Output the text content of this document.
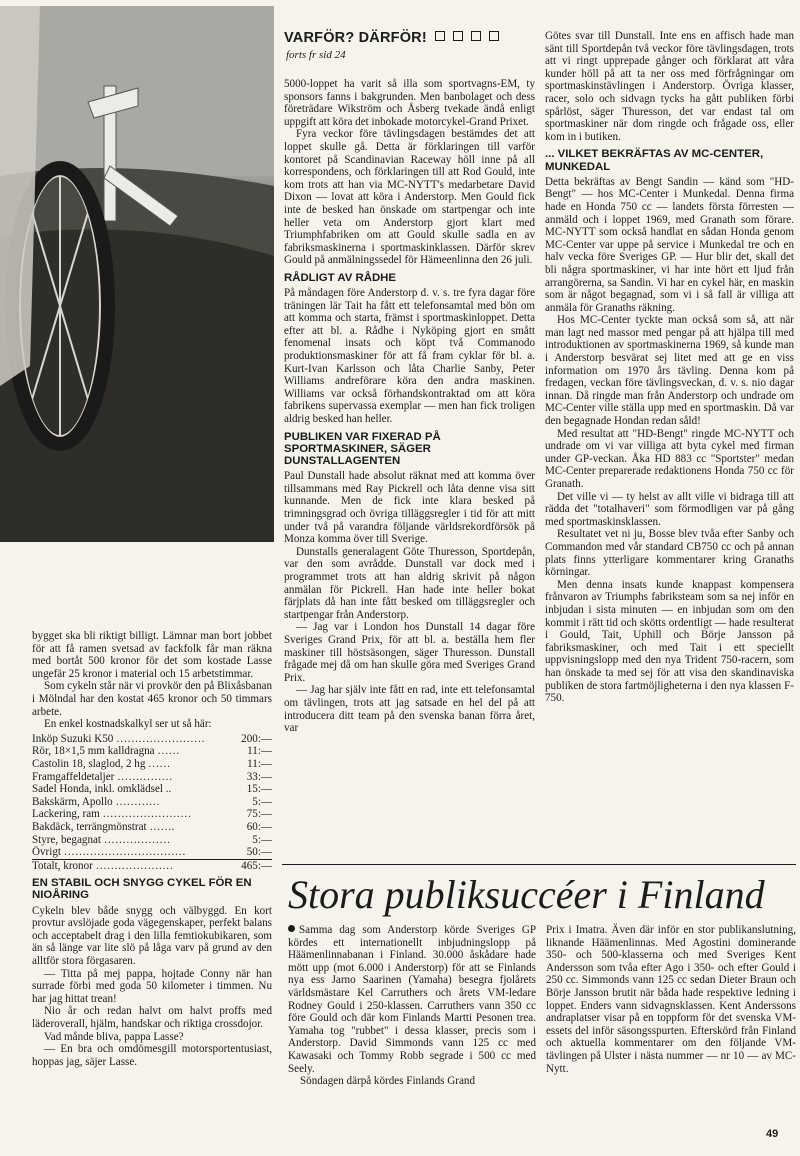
VARFÖR? DÄRFÖR!
forts fr sid 24

bygget ska bli riktigt billigt. Lämnar man bort jobbet för att få ramen svetsad av fackfolk får man räkna med bortåt 500 kronor för det som kostade Lasse ungefär 25 kronor i material och 15 arbetstimmar.

Som cykeln står när vi provkör den på Blixåsbanan i Mölndal har den kostat 465 kronor och 50 timmars arbete.

En enkel kostnadskalkyl ser ut så här:

Inköp Suzuki K50 ……………………	200:—
Rör, 18×1,5 mm kalldragna ……	11:—
Castolin 18, slaglod, 2 hg ……	11:—
Framgaffeldetaljer ……………	33:—
Sadel Honda, inkl. omklädsel ..	15:—
Bakskärm, Apollo …………	5:—
Lackering, ram ……………………	75:—
Bakdäck, terrängmönstrat …….	60:—
Styre, begagnat ………………	5:—
Övrigt ……………………………	50:—
Totalt, kronor …………………	465:—
EN STABIL OCH SNYGG CYKEL FÖR EN NIOÅRING

Cykeln blev både snygg och välbyggd. En kort provtur avslöjade goda vägegenskaper, perfekt balans och acceptabelt drag i den lilla femtiokubikaren, som än så länge var lite slö på låga varv på grund av den alltför stora förgasaren.

— Titta på mej pappa, hojtade Conny när han surrade förbi med goda 50 kilometer i timmen. Nu har jag hittat trean!

Nio år och redan halvt om halvt proffs med läderoverall, hjälm, handskar och riktiga crossdojor.

Vad månde bliva, pappa Lasse?

— En bra och omdömesgill motorsportentusiast, hoppas jag, säjer Lasse.

5000-loppet ha varit så illa som sportvagns-EM, ty sponsors fanns i bakgrunden. Men banbolaget och dess företrädare Wikström och Åsberg tvekade ändå enligt uppgift att köra det inbokade motorcykel-Grand Prixet.

Fyra veckor före tävlingsdagen bestämdes det att loppet skulle gå. Detta är förklaringen till varför kontoret på Scandinavian Raceway höll inne på all korrespondens, och förklaringen till att Rod Gould, inte kom trots att han via MC-NYTT's medarbetare David Dixon — lovat att köra i Anderstorp. Men Gould fick inte de besked han önskade om startpengar och inte heller veta om Anderstorp gjort klart med Triumphfabriken om att Gould skulle sadla en av fabriksmaskinerna i sportmaskinklassen. Därför skrev Gould på anmälningssedel för Hämeenlinna den 26 juli.

RÅDLIGT AV RÅDHE

På måndagen före Anderstorp d. v. s. tre fyra dagar före träningen lär Tait ha fått ett telefonsamtal med bön om att komma och starta, främst i sportmaskinloppet. Detta efter att bl. a. Rådhe i Nyköping gjort en smått fenomenal insats och köpt två Commanodo produktionsmaskiner för att få fram cyklar för bl. a. Kurt-Ivan Karlsson och låta Charlie Sanby, Peter Williams andreförare köra den andra maskinen. Williams var också förhandskontraktad om att köra fabrikens supervassa exemplar — men han fick troligen aldrig besked han heller.

PUBLIKEN VAR FIXERAD PÅ SPORTMASKINER, SÄGER DUNSTALLAGENTEN

Paul Dunstall hade absolut räknat med att komma över tillsammans med Ray Pickrell och låta denne visa sitt kunnande. Men de fick inte klara besked på trimningsgrad och övriga tilläggsregler i tid för att mitt under två på varandra följande världsrekordförsök på Monza komma över till Sverige.

Dunstalls generalagent Göte Thuresson, Sportdepån, var den som avrådde. Dunstall var dock med i programmet trots att han aldrig skrivit på någon anmälan för Pickrell. Han hade inte heller bokat färjplats då han inte fått besked om tilläggsregler och startpengar från Anderstorp.

— Jag var i London hos Dunstall 14 dagar före Sveriges Grand Prix, för att bl. a. beställa hem fler maskiner till höstsäsongen, säger Thuresson. Dunstall frågade mej då om han skulle göra med Sveriges Grand Prix.

— Jag har själv inte fått en rad, inte ett telefonsamtal om tävlingen, trots att jag satsade en hel del på att introducera ditt team på den svenska banan förra året, var

Götes svar till Dunstall. Inte ens en affisch hade man sänt till Sportdepån två veckor före tävlingsdagen, trots att vi ringt upprepade gånger och förklarat att våra kunder höll på att ta ner oss med förfrågningar om sportmaskinstävlingen i Anderstorp. Övriga klasser, racer, solo och sidvagn tycks ha gått publiken förbi spårlöst, säger Thuresson, det var endast tal om sportmaskiner när dom ringde och frågade oss, eller kom in i butiken.

... VILKET BEKRÄFTAS AV MC-CENTER, MUNKEDAL

Detta bekräftas av Bengt Sandin — känd som "HD-Bengt" — hos MC-Center i Munkedal. Denna firma hade en Honda 750 cc — landets första förresten — anmäld och i loppet 1969, med Granath som förare. MC-NYTT som också handlat en sådan Honda genom MC-Center var uppe på service i Munkedal tre och en halv vecka före Sveriges GP. — Hur blir det, skall det bli några sportmaskiner, vi har inte hört ett ljud från arrangörerna, sa Sandin. Vi har en cykel här, en maskin som är något begagnad, som vi i så fall är villiga att anmäla för Granaths räkning.

Hos MC-Center tyckte man också som så, att när man lagt ned massor med pengar på att hjälpa till med introduktionen av sportmaskinerna 1969, så kunde man i Anderstorp besvärat sej litet med att ge en viss information om 1970 års tävling. Denna kom på fredagen, veckan före tävlingsveckan, d. v. s. nio dagar innan. Då ringde man från Anderstorp och undrade om MC-Center ville ställa upp med en sportmaskin. Då var den begagnade Hondan redan såld!

Med resultat att "HD-Bengt" ringde MC-NYTT och undrade om vi var villiga att byta cykel med firman under GP-veckan. Åka HD 883 cc "Sportster" medan MC-Center preparerade redaktionens Honda 750 cc för Granath.

Det ville vi — ty helst av allt ville vi bidraga till att rädda det "totalhaveri" som förmodligen var på gång med sportmaskinsklassen.

Resultatet vet ni ju, Bosse blev tvåa efter Sanby och Commandon med vår standard CB750 cc och på annan plats finns ytterligare kommentarer kring Granaths körningar.

Men denna insats kunde knappast kompensera frånvaron av Triumphs fabriksteam som sa nej inför en inbjudan i sista minuten — en inbjudan som om den kommit i rätt tid och skötts ordentligt — hade resulterat i Gould, Tait, Uphill och Börje Jansson på fabriksmaskiner, och med Tait i ett speciellt uppvisningslopp med den nya Trident 750-racern, som han önskade ta med sej för att visa den skandinaviska publiken de stora fartmöjligheterna i den nya klassen F-750.

Stora publiksuccéer i Finland

Samma dag som Anderstorp körde Sveriges GP kördes ett internationellt inbjudningslopp på Häämenlinnabanan i Finland. 30.000 åskådare hade mött upp (mot 6.000 i Anderstorp) för att se Finlands nya ess Jarno Saarinen (Yamaha) besegra fjolårets världsmästare Kel Carruthers och årets VM-ledare Rodney Gould i 250-klassen. Carruthers vann 350 cc före Gould och där kom Finlands Martti Pesonen trea. Yamaha tog "rubbet" i dessa klasser, precis som i Anderstorp. David Simmonds vann 125 cc med Kawasaki och Tommy Robb segrade i 500 cc med Seely.

Söndagen därpå kördes Finlands Grand

Prix i Imatra. Även där inför en stor publikanslutning, liknande Häämenlinnas. Med Agostini dominerande 350- och 500-klasserna och med Sveriges Kent Andersson som tvåa efter Ago i 350- och efter Gould i 250 cc. Simmonds vann 125 cc sedan Dieter Braun och Börje Jansson brutit när båda hade respektive ledning i loppet. Enders vann sidvagnsklassen. Kent Anderssons andraplatser visar på en toppform för det svenska VM-essets del inför säsongsspurten. Efterskörd från Finland och aktuella kommentarer om den följande VM-tävlingen på Ulster i nästa nummer — nr 10 — av MC-Nytt.

49
